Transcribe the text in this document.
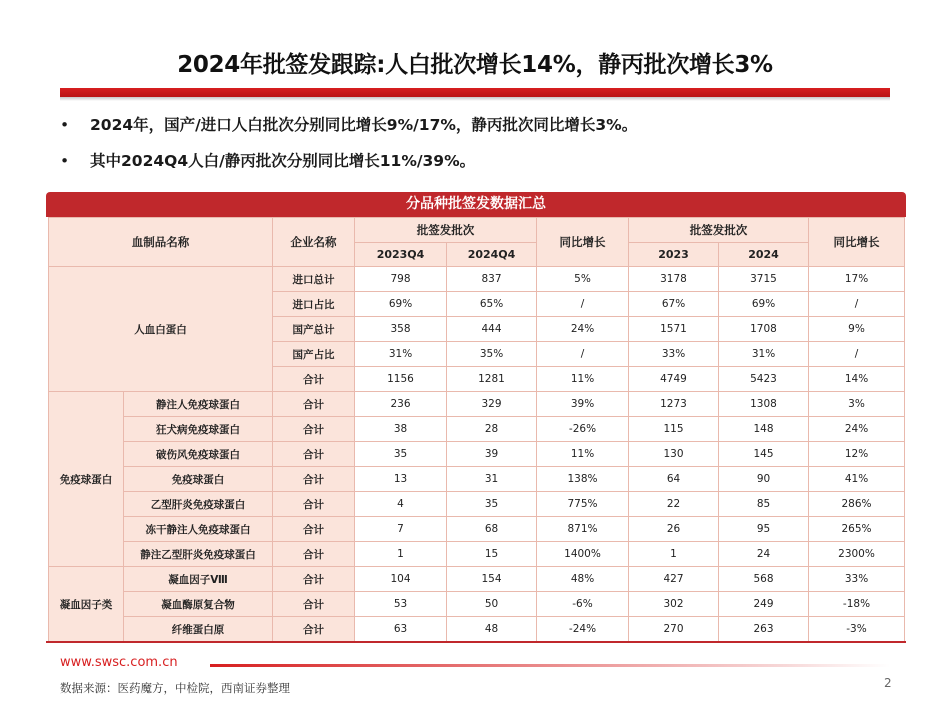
2024年批签发跟踪:人白批次增长14%，静丙批次增长3%
• 2024年，国产/进口人白批次分别同比增长9%/17%，静丙批次同比增长3%。
• 其中2024Q4人白/静丙批次分别同比增长11%/39%。
分品种批签发数据汇总
血制品名称		企业名称	批签发批次		同比增长	批签发批次		同比增长
			2023Q4	2024Q4		2023	2024	
人血白蛋白		进口总计	798	837	5%	3178	3715	17%
		进口占比	69%	65%	/	67%	69%	/
		国产总计	358	444	24%	1571	1708	9%
		国产占比	31%	35%	/	33%	31%	/
		合计	1156	1281	11%	4749	5423	14%
免疫球蛋白	静注人免疫球蛋白	合计	236	329	39%	1273	1308	3%
	狂犬病免疫球蛋白	合计	38	28	-26%	115	148	24%
	破伤风免疫球蛋白	合计	35	39	11%	130	145	12%
	免疫球蛋白	合计	13	31	138%	64	90	41%
	乙型肝炎免疫球蛋白	合计	4	35	775%	22	85	286%
	冻干静注人免疫球蛋白	合计	7	68	871%	26	95	265%
	静注乙型肝炎免疫球蛋白	合计	1	15	1400%	1	24	2300%
凝血因子类	凝血因子Ⅷ	合计	104	154	48%	427	568	33%
	凝血酶原复合物	合计	53	50	-6%	302	249	-18%
	纤维蛋白原	合计	63	48	-24%	270	263	-3%
www.swsc.com.cn
数据来源：医药魔方，中检院，西南证券整理	2
